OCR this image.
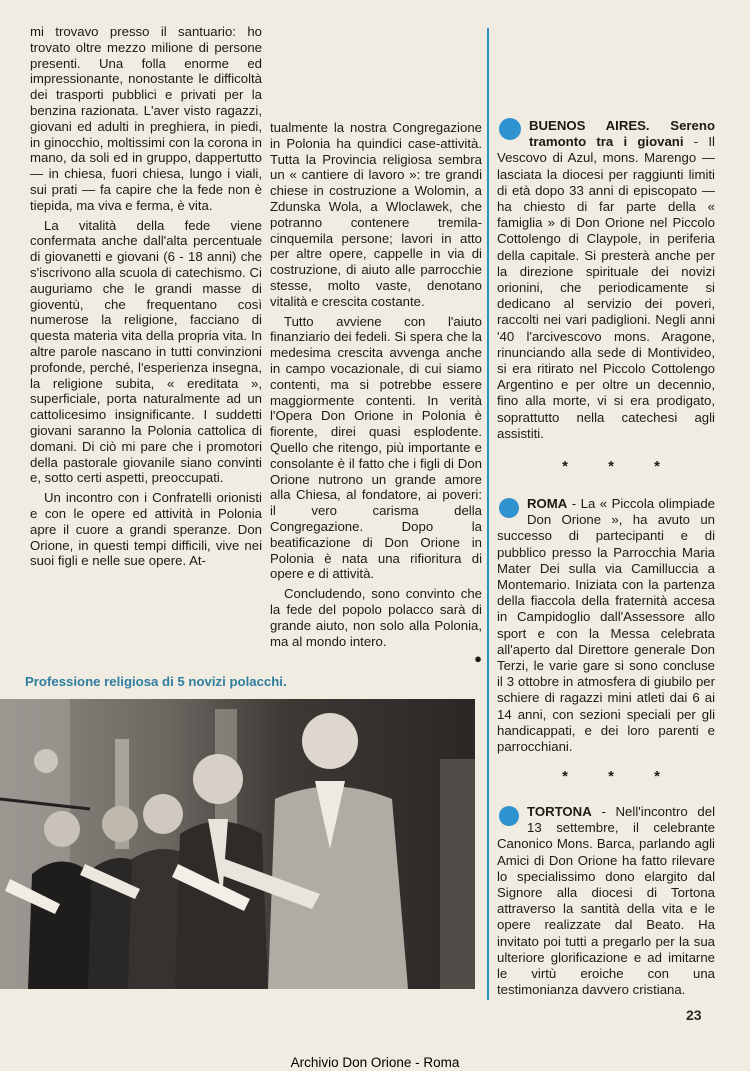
mi trovavo presso il santuario: ho trovato oltre mezzo milione di persone presenti. Una folla enorme ed impressionante, nonostante le difficoltà dei trasporti pubblici e privati per la benzina razionata. L'aver visto ragazzi, giovani ed adulti in preghiera, in piedi, in ginocchio, moltissimi con la corona in mano, da soli ed in gruppo, dappertutto — in chiesa, fuori chiesa, lungo i viali, sui prati — fa capire che la fede non è tiepida, ma viva e ferma, è vita.

La vitalità della fede viene confermata anche dall'alta percentuale di giovanetti e giovani (6 - 18 anni) che s'iscrivono alla scuola di catechismo. Ci auguriamo che le grandi masse di gioventù, che frequentano così numerose la religione, facciano di questa materia vita della propria vita. In altre parole nascano in tutti convinzioni profonde, perché, l'esperienza insegna, la religione subita, « ereditata », superficiale, porta naturalmente ad un cattolicesimo insignificante. I suddetti giovani saranno la Polonia cattolica di domani. Di ciò mi pare che i promotori della pastorale giovanile siano convinti e, sotto certi aspetti, preoccupati.

Un incontro con i Confratelli orionisti e con le opere ed attività in Polonia apre il cuore a grandi speranze. Don Orione, in questi tempi difficili, vive nei suoi figli e nelle sue opere. At-

tualmente la nostra Congregazione in Polonia ha quindici case-attività. Tutta la Provincia religiosa sembra un « cantiere di lavoro »: tre grandi chiese in costruzione a Wolomin, a Zdunska Wola, a Wloclawek, che potranno contenere tremila-cinquemila persone; lavori in atto per altre opere, cappelle in via di costruzione, di aiuto alle parrocchie stesse, molto vaste, denotano vitalità e crescita costante.

Tutto avviene con l'aiuto finanziario dei fedeli. Si spera che la medesima crescita avvenga anche in campo vocazionale, di cui siamo contenti, ma si potrebbe essere maggiormente contenti. In verità l'Opera Don Orione in Polonia è fiorente, direi quasi esplodente. Quello che ritengo, più importante e consolante è il fatto che i figli di Don Orione nutrono un grande amore alla Chiesa, al fondatore, ai poveri: il vero carisma della Congregazione. Dopo la beatificazione di Don Orione in Polonia è nata una rifioritura di opere e di attività.

Concludendo, sono convinto che la fede del popolo polacco sarà di grande aiuto, non solo alla Polonia, ma al mondo intero.

●
Professione religiosa di 5 novizi polacchi.

BUENOS AIRES. Sereno tramonto tra i giovani - Il Vescovo di Azul, mons. Marengo — lasciata la diocesi per raggiunti limiti di età dopo 33 anni di episcopato — ha chiesto di far parte della « famiglia » di Don Orione nel Piccolo Cottolengo di Claypole, in periferia della capitale. Si presterà anche per la direzione spirituale dei novizi orionini, che periodicamente si dedicano al servizio dei poveri, raccolti nei vari padiglioni. Negli anni '40 l'arcivescovo mons. Aragone, rinunciando alla sede di Montivideo, si era ritirato nel Piccolo Cottolengo Argentino e per oltre un decennio, fino alla morte, vi si era prodigato, soprattutto nella catechesi agli assistiti.

* * *

ROMA - La « Piccola olimpiade Don Orione », ha avuto un successo di partecipanti e di pubblico presso la Parrocchia Maria Mater Dei sulla via Camilluccia a Montemario. Iniziata con la partenza della fiaccola della fraternità accesa in Campidoglio dall'Assessore allo sport e con la Messa celebrata all'aperto dal Direttore generale Don Terzi, le varie gare si sono concluse il 3 ottobre in atmosfera di giubilo per schiere di ragazzi mini atleti dai 6 ai 14 anni, con sezioni speciali per gli handicappati, e dei loro parenti e parrocchiani.

* * *

TORTONA - Nell'incontro del 13 settembre, il celebrante Canonico Mons. Barca, parlando agli Amici di Don Orione ha fatto rilevare lo specialissimo dono elargito dal Signore alla diocesi di Tortona attraverso la santità della vita e le opere realizzate dal Beato. Ha invitato poi tutti a pregarlo per la sua ulteriore glorificazione e ad imitarne le virtù eroiche con una testimonianza davvero cristiana.

23
Archivio Don Orione - Roma
